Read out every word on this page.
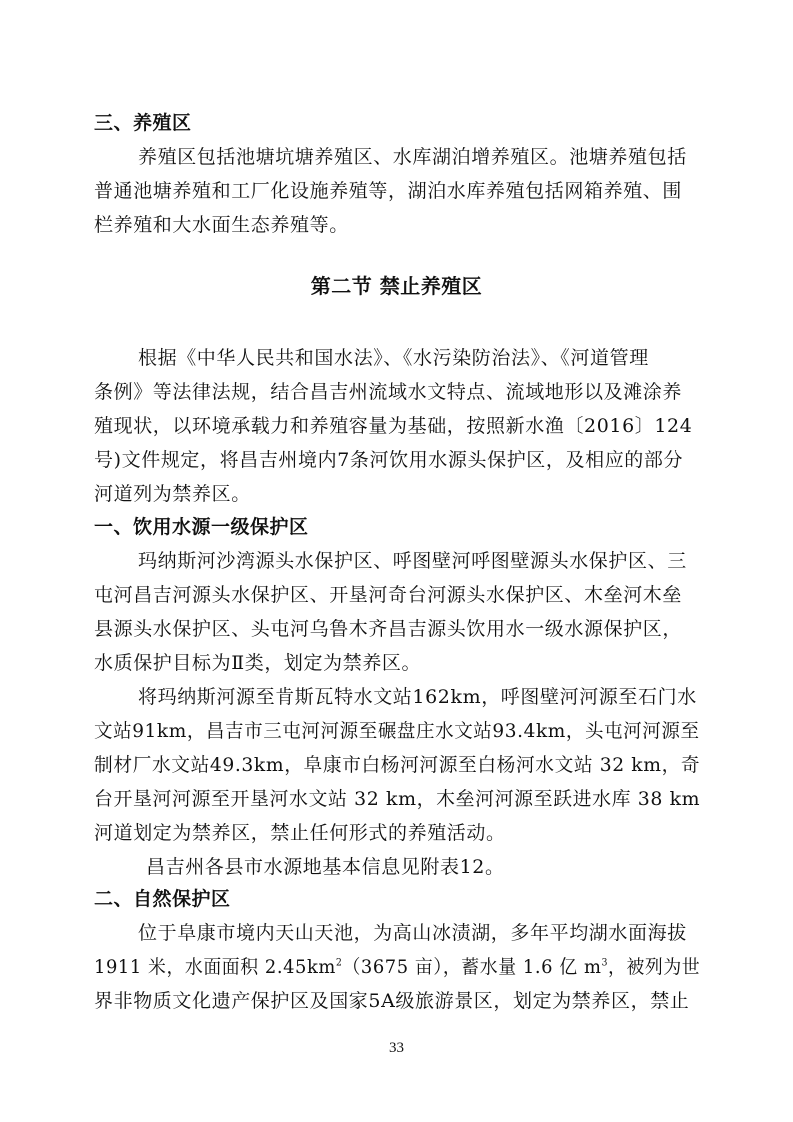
三、养殖区
养殖区包括池塘坑塘养殖区、水库湖泊增养殖区。池塘养殖包括
普通池塘养殖和工厂化设施养殖等，湖泊水库养殖包括网箱养殖、围
栏养殖和大水面生态养殖等。
第二节 禁止养殖区
根据《中华人民共和国水法》、《水污染防治法》、《河道管理
条例》等法律法规，结合昌吉州流域水文特点、流域地形以及滩涂养
殖现状，以环境承载力和养殖容量为基础，按照新水渔〔2016〕124
号)文件规定，将昌吉州境内7条河饮用水源头保护区，及相应的部分
河道列为禁养区。
一、饮用水源一级保护区
玛纳斯河沙湾源头水保护区、呼图壁河呼图壁源头水保护区、三
屯河昌吉河源头水保护区、开垦河奇台河源头水保护区、木垒河木垒
县源头水保护区、头屯河乌鲁木齐昌吉源头饮用水一级水源保护区，
水质保护目标为Ⅱ类，划定为禁养区。
将玛纳斯河源至肯斯瓦特水文站162km，呼图壁河河源至石门水
文站91km，昌吉市三屯河河源至碾盘庄水文站93.4km，头屯河河源至
制材厂水文站49.3km，阜康市白杨河河源至白杨河水文站 32 km，奇
台开垦河河源至开垦河水文站 32 km，木垒河河源至跃进水库 38 km
河道划定为禁养区，禁止任何形式的养殖活动。
昌吉州各县市水源地基本信息见附表12。
二、自然保护区
位于阜康市境内天山天池，为高山冰渍湖，多年平均湖水面海拔
1911 米，水面面积 $2.45km^2(3675$ 亩），蓄水量 1.6 亿 $m^3$，被列为世
界非物质文化遗产保护区及国家5A级旅游景区，划定为禁养区，禁止
33
